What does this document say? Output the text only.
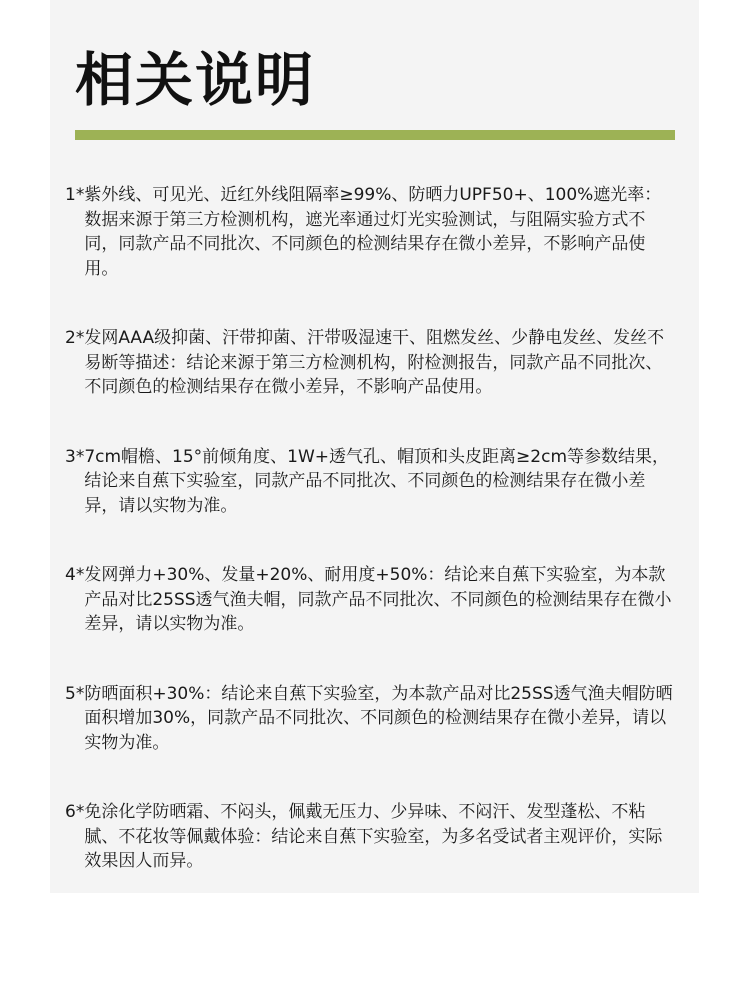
相关说明
1* 紫外线、可见光、近红外线阻隔率≥99%、防晒力UPF50+、100%遮光率：数据来源于第三方检测机构，遮光率通过灯光实验测试，与阻隔实验方式不同，同款产品不同批次、不同颜色的检测结果存在微小差异，不影响产品使用。
2* 发网AAA级抑菌、汗带抑菌、汗带吸湿速干、阻燃发丝、少静电发丝、发丝不易断等描述：结论来源于第三方检测机构，附检测报告，同款产品不同批次、不同颜色的检测结果存在微小差异，不影响产品使用。
3* 7cm帽檐、15°前倾角度、1W+透气孔、帽顶和头皮距离≥2cm等参数结果，结论来自蕉下实验室，同款产品不同批次、不同颜色的检测结果存在微小差异，请以实物为准。
4* 发网弹力+30%、发量+20%、耐用度+50%：结论来自蕉下实验室，为本款产品对比25SS透气渔夫帽，同款产品不同批次、不同颜色的检测结果存在微小差异，请以实物为准。
5* 防晒面积+30%：结论来自蕉下实验室，为本款产品对比25SS透气渔夫帽防晒面积增加30%，同款产品不同批次、不同颜色的检测结果存在微小差异，请以实物为准。
6* 免涂化学防晒霜、不闷头，佩戴无压力、少异味、不闷汗、发型蓬松、不粘腻、不花妆等佩戴体验：结论来自蕉下实验室，为多名受试者主观评价，实际效果因人而异。
